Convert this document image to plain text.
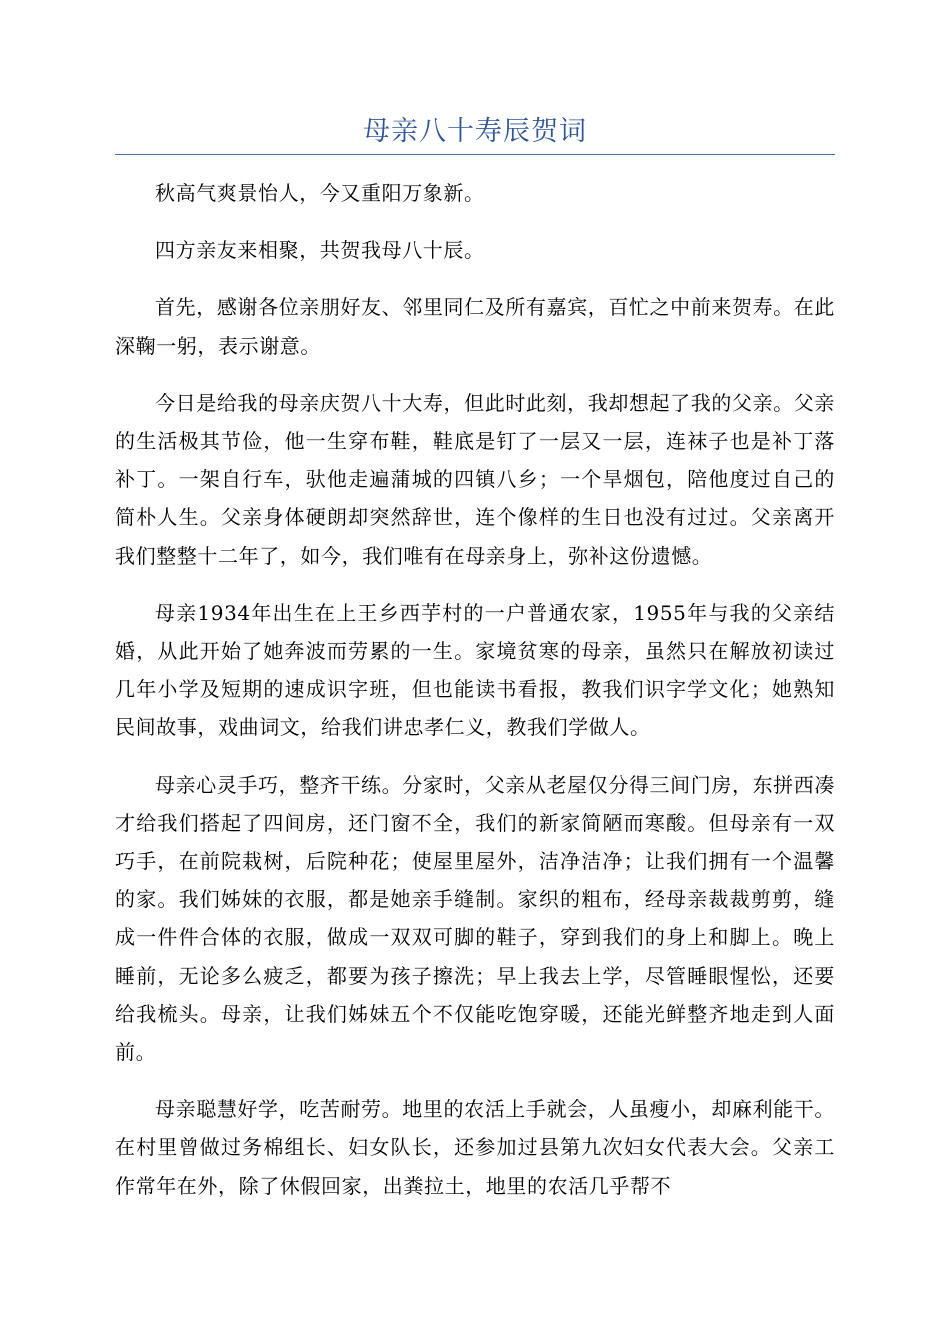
母亲八十寿辰贺词

秋高气爽景怡人，今又重阳万象新。

四方亲友来相聚，共贺我母八十辰。

首先，感谢各位亲朋好友、邻里同仁及所有嘉宾，百忙之中前来贺寿。在此深鞠一躬，表示谢意。

今日是给我的母亲庆贺八十大寿，但此时此刻，我却想起了我的父亲。父亲的生活极其节俭，他一生穿布鞋，鞋底是钉了一层又一层，连袜子也是补丁落补丁。一架自行车，驮他走遍蒲城的四镇八乡；一个旱烟包，陪他度过自己的简朴人生。父亲身体硬朗却突然辞世，连个像样的生日也没有过过。父亲离开我们整整十二年了，如今，我们唯有在母亲身上，弥补这份遗憾。

母亲1934年出生在上王乡西芋村的一户普通农家，1955年与我的父亲结婚，从此开始了她奔波而劳累的一生。家境贫寒的母亲，虽然只在解放初读过几年小学及短期的速成识字班，但也能读书看报，教我们识字学文化；她熟知民间故事，戏曲词文，给我们讲忠孝仁义，教我们学做人。

母亲心灵手巧，整齐干练。分家时，父亲从老屋仅分得三间门房，东拼西凑才给我们搭起了四间房，还门窗不全，我们的新家简陋而寒酸。但母亲有一双巧手，在前院栽树，后院种花；使屋里屋外，洁净洁净；让我们拥有一个温馨的家。我们姊妹的衣服，都是她亲手缝制。家织的粗布，经母亲裁裁剪剪，缝成一件件合体的衣服，做成一双双可脚的鞋子，穿到我们的身上和脚上。晚上睡前，无论多么疲乏，都要为孩子擦洗；早上我去上学，尽管睡眼惺忪，还要给我梳头。母亲，让我们姊妹五个不仅能吃饱穿暖，还能光鲜整齐地走到人面前。

母亲聪慧好学，吃苦耐劳。地里的农活上手就会，人虽瘦小，却麻利能干。在村里曾做过务棉组长、妇女队长，还参加过县第九次妇女代表大会。父亲工作常年在外，除了休假回家，出粪拉土，地里的农活几乎帮不
